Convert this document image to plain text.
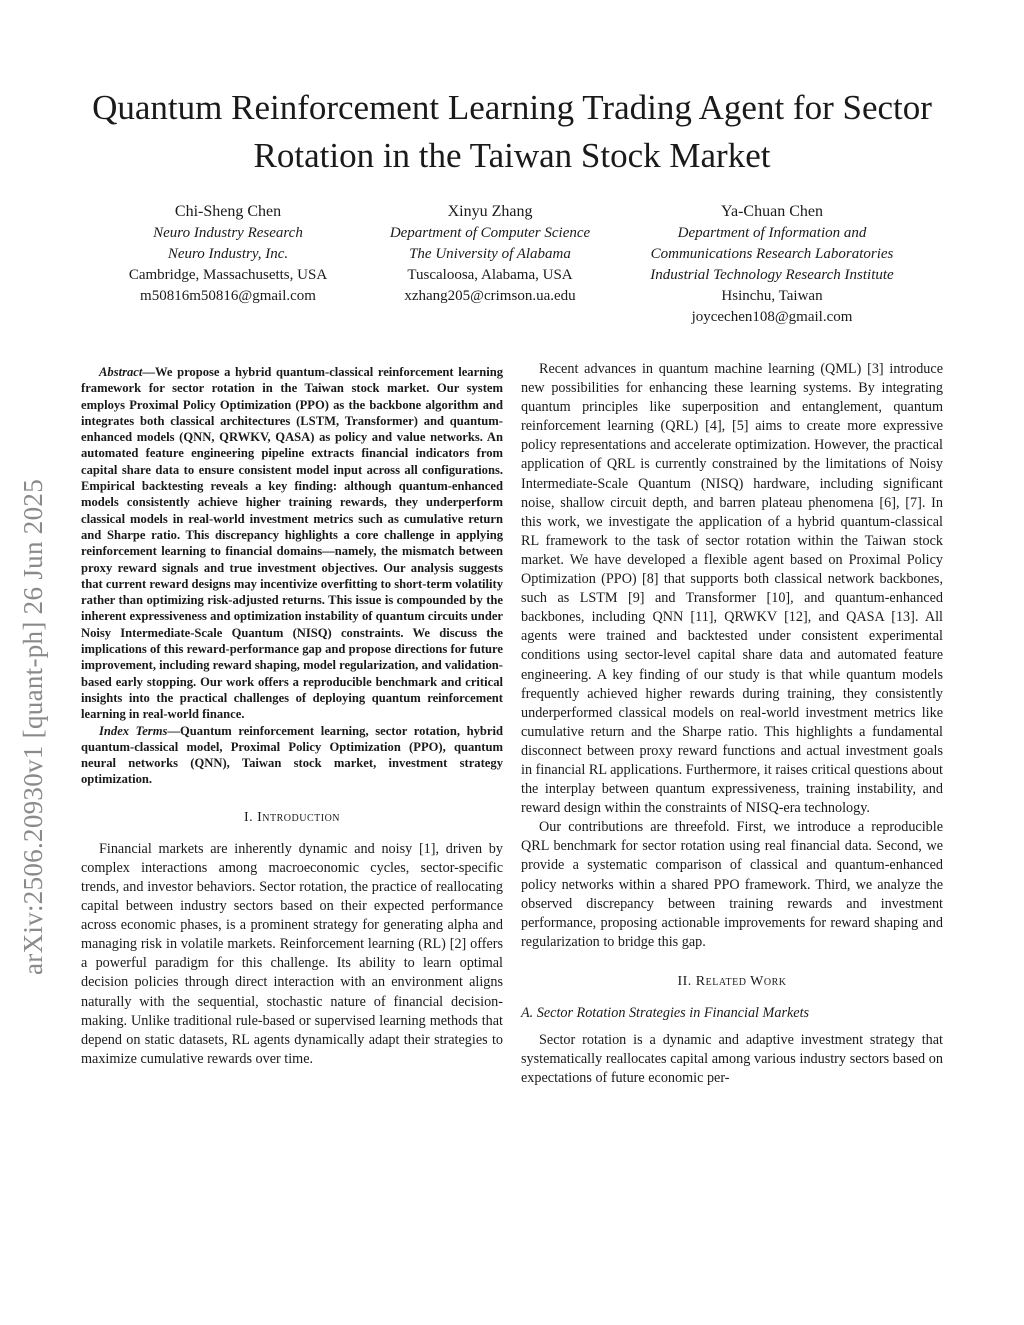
arXiv:2506.20930v1 [quant-ph] 26 Jun 2025
Quantum Reinforcement Learning Trading Agent for Sector Rotation in the Taiwan Stock Market
Chi-Sheng Chen
Neuro Industry Research
Neuro Industry, Inc.
Cambridge, Massachusetts, USA
m50816m50816@gmail.com
Xinyu Zhang
Department of Computer Science
The University of Alabama
Tuscaloosa, Alabama, USA
xzhang205@crimson.ua.edu
Ya-Chuan Chen
Department of Information and
Communications Research Laboratories
Industrial Technology Research Institute
Hsinchu, Taiwan
joycechen108@gmail.com

Abstract—We propose a hybrid quantum-classical reinforcement learning framework for sector rotation in the Taiwan stock market. Our system employs Proximal Policy Optimization (PPO) as the backbone algorithm and integrates both classical architectures (LSTM, Transformer) and quantum-enhanced models (QNN, QRWKV, QASA) as policy and value networks. An automated feature engineering pipeline extracts financial indicators from capital share data to ensure consistent model input across all configurations. Empirical backtesting reveals a key finding: although quantum-enhanced models consistently achieve higher training rewards, they underperform classical models in real-world investment metrics such as cumulative return and Sharpe ratio. This discrepancy highlights a core challenge in applying reinforcement learning to financial domains—namely, the mismatch between proxy reward signals and true investment objectives. Our analysis suggests that current reward designs may incentivize overfitting to short-term volatility rather than optimizing risk-adjusted returns. This issue is compounded by the inherent expressiveness and optimization instability of quantum circuits under Noisy Intermediate-Scale Quantum (NISQ) constraints. We discuss the implications of this reward-performance gap and propose directions for future improvement, including reward shaping, model regularization, and validation-based early stopping. Our work offers a reproducible benchmark and critical insights into the practical challenges of deploying quantum reinforcement learning in real-world finance.

Index Terms—Quantum reinforcement learning, sector rotation, hybrid quantum-classical model, Proximal Policy Optimization (PPO), quantum neural networks (QNN), Taiwan stock market, investment strategy optimization.

I. Introduction

Financial markets are inherently dynamic and noisy [1], driven by complex interactions among macroeconomic cycles, sector-specific trends, and investor behaviors. Sector rotation, the practice of reallocating capital between industry sectors based on their expected performance across economic phases, is a prominent strategy for generating alpha and managing risk in volatile markets. Reinforcement learning (RL) [2] offers a powerful paradigm for this challenge. Its ability to learn optimal decision policies through direct interaction with an environment aligns naturally with the sequential, stochastic nature of financial decision-making. Unlike traditional rule-based or supervised learning methods that depend on static datasets, RL agents dynamically adapt their strategies to maximize cumulative rewards over time.

Recent advances in quantum machine learning (QML) [3] introduce new possibilities for enhancing these learning systems. By integrating quantum principles like superposition and entanglement, quantum reinforcement learning (QRL) [4], [5] aims to create more expressive policy representations and accelerate optimization. However, the practical application of QRL is currently constrained by the limitations of Noisy Intermediate-Scale Quantum (NISQ) hardware, including significant noise, shallow circuit depth, and barren plateau phenomena [6], [7]. In this work, we investigate the application of a hybrid quantum-classical RL framework to the task of sector rotation within the Taiwan stock market. We have developed a flexible agent based on Proximal Policy Optimization (PPO) [8] that supports both classical network backbones, such as LSTM [9] and Transformer [10], and quantum-enhanced backbones, including QNN [11], QRWKV [12], and QASA [13]. All agents were trained and backtested under consistent experimental conditions using sector-level capital share data and automated feature engineering. A key finding of our study is that while quantum models frequently achieved higher rewards during training, they consistently underperformed classical models on real-world investment metrics like cumulative return and the Sharpe ratio. This highlights a fundamental disconnect between proxy reward functions and actual investment goals in financial RL applications. Furthermore, it raises critical questions about the interplay between quantum expressiveness, training instability, and reward design within the constraints of NISQ-era technology.

Our contributions are threefold. First, we introduce a reproducible QRL benchmark for sector rotation using real financial data. Second, we provide a systematic comparison of classical and quantum-enhanced policy networks within a shared PPO framework. Third, we analyze the observed discrepancy between training rewards and investment performance, proposing actionable improvements for reward shaping and regularization to bridge this gap.

II. Related Work
A. Sector Rotation Strategies in Financial Markets

Sector rotation is a dynamic and adaptive investment strategy that systematically reallocates capital among various industry sectors based on expectations of future economic per-
